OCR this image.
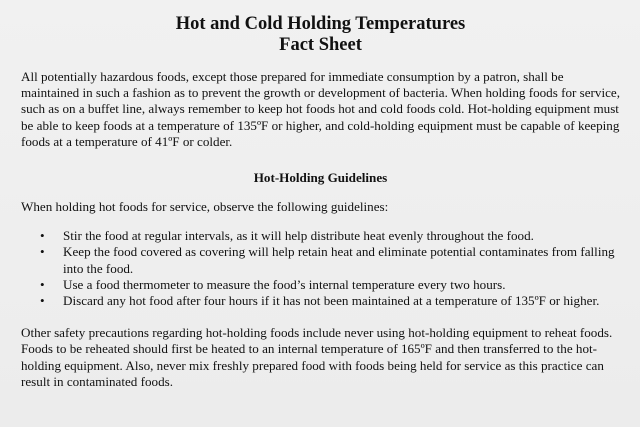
Hot and Cold Holding Temperatures
Fact Sheet

All potentially hazardous foods, except those prepared for immediate consumption by a patron, shall be maintained in such a fashion as to prevent the growth or development of bacteria. When holding foods for service, such as on a buffet line, always remember to keep hot foods hot and cold foods cold. Hot-holding equipment must be able to keep foods at a temperature of 135ºF or higher, and cold-holding equipment must be capable of keeping foods at a temperature of 41ºF or colder.

Hot-Holding Guidelines

When holding hot foods for service, observe the following guidelines:

• Stir the food at regular intervals, as it will help distribute heat evenly throughout the food.
• Keep the food covered as covering will help retain heat and eliminate potential contaminates from falling into the food.
• Use a food thermometer to measure the food’s internal temperature every two hours.
• Discard any hot food after four hours if it has not been maintained at a temperature of 135ºF or higher.

Other safety precautions regarding hot-holding foods include never using hot-holding equipment to reheat foods. Foods to be reheated should first be heated to an internal temperature of 165ºF and then transferred to the hot-holding equipment. Also, never mix freshly prepared food with foods being held for service as this practice can result in contaminated foods.
